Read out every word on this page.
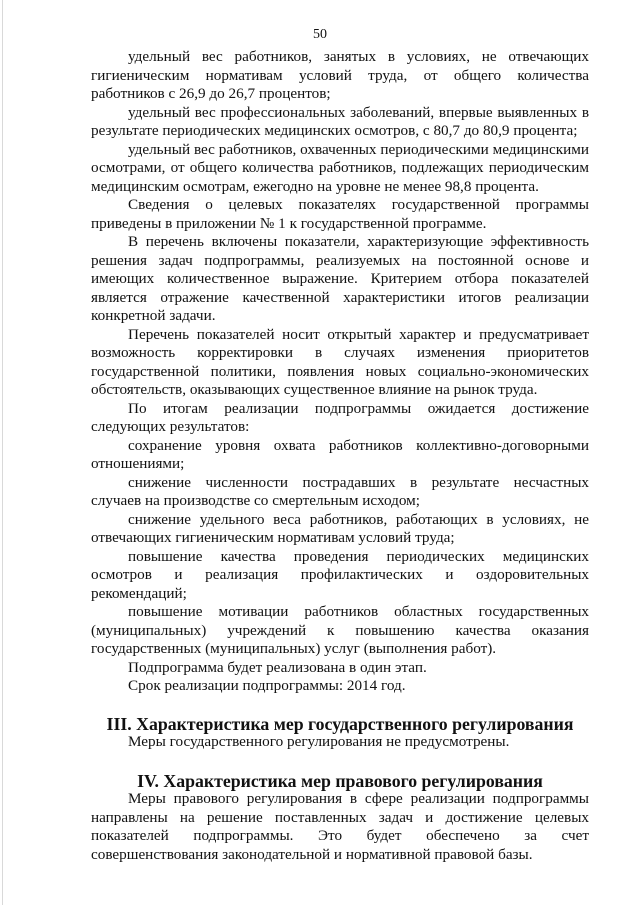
50

удельный вес работников, занятых в условиях, не отвечающих гигиеническим нормативам условий труда, от общего количества работников с 26,9 до 26,7 процентов;

удельный вес профессиональных заболеваний, впервые выявленных в результате периодических медицинских осмотров, с 80,7 до 80,9 процента;

удельный вес работников, охваченных периодическими медицинскими осмотрами, от общего количества работников, подлежащих периодическим медицинским осмотрам, ежегодно на уровне не менее 98,8 процента.

Сведения о целевых показателях государственной программы приведены в приложении № 1 к государственной программе.

В перечень включены показатели, характеризующие эффективность решения задач подпрограммы, реализуемых на постоянной основе и имеющих количественное выражение. Критерием отбора показателей является отражение качественной характеристики итогов реализации конкретной задачи.

Перечень показателей носит открытый характер и предусматривает возможность корректировки в случаях изменения приоритетов государственной политики, появления новых социально-экономических обстоятельств, оказывающих существенное влияние на рынок труда.

По итогам реализации подпрограммы ожидается достижение следующих результатов:

сохранение уровня охвата работников коллективно-договорными отношениями;

снижение численности пострадавших в результате несчастных случаев на производстве со смертельным исходом;

снижение удельного веса работников, работающих в условиях, не отвечающих гигиеническим нормативам условий труда;

повышение качества проведения периодических медицинских осмотров и реализация профилактических и оздоровительных рекомендаций;

повышение мотивации работников областных государственных (муниципальных) учреждений к повышению качества оказания государственных (муниципальных) услуг (выполнения работ).

Подпрограмма будет реализована в один этап.

Срок реализации подпрограммы: 2014 год.

III. Характеристика мер государственного регулирования

Меры государственного регулирования не предусмотрены.

IV. Характеристика мер правового регулирования

Меры правового регулирования в сфере реализации подпрограммы направлены на решение поставленных задач и достижение целевых показателей подпрограммы. Это будет обеспечено за счет совершенствования законодательной и нормативной правовой базы.
